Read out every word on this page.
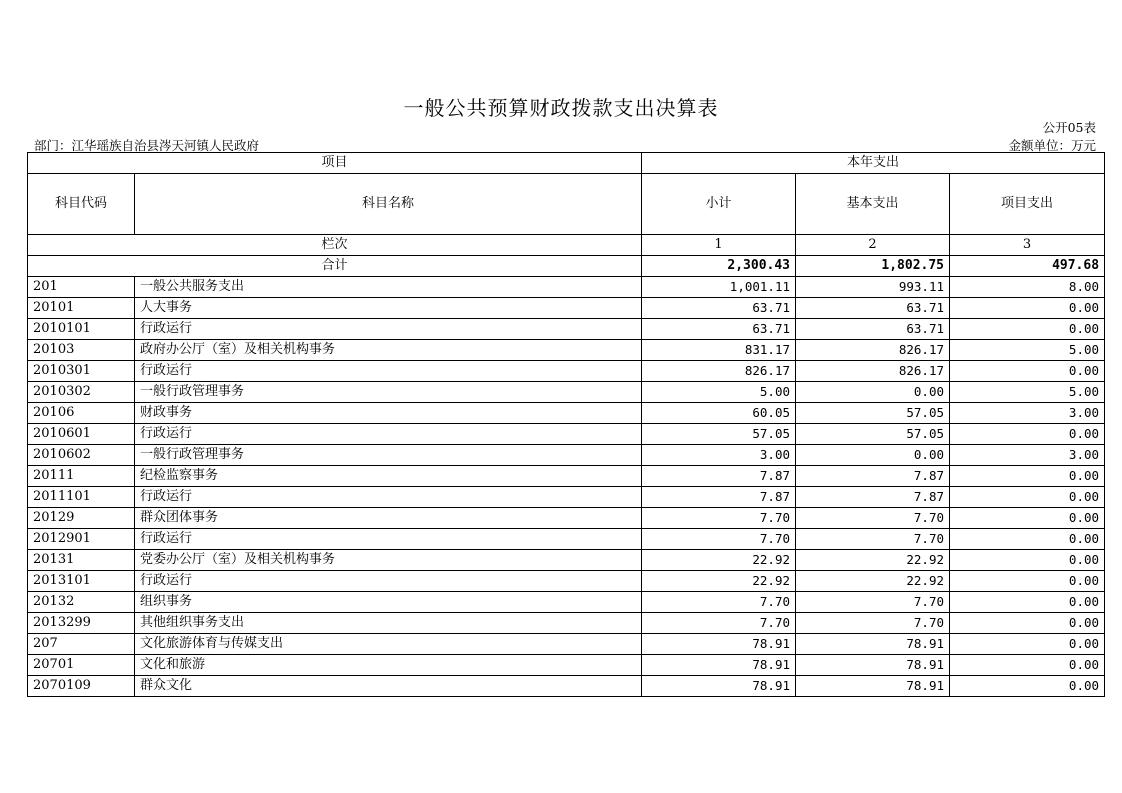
一般公共预算财政拨款支出决算表
公开05表
部门：江华瑶族自治县涔天河镇人民政府	金额单位：万元
项目		本年支出		
科目代码	科目名称	小计	基本支出	项目支出
栏次		1	2	3
合计		2,300.43	1,802.75	497.68
201	一般公共服务支出	1,001.11	993.11	8.00
20101	人大事务	63.71	63.71	0.00
2010101	行政运行	63.71	63.71	0.00
20103	政府办公厅（室）及相关机构事务	831.17	826.17	5.00
2010301	行政运行	826.17	826.17	0.00
2010302	一般行政管理事务	5.00	0.00	5.00
20106	财政事务	60.05	57.05	3.00
2010601	行政运行	57.05	57.05	0.00
2010602	一般行政管理事务	3.00	0.00	3.00
20111	纪检监察事务	7.87	7.87	0.00
2011101	行政运行	7.87	7.87	0.00
20129	群众团体事务	7.70	7.70	0.00
2012901	行政运行	7.70	7.70	0.00
20131	党委办公厅（室）及相关机构事务	22.92	22.92	0.00
2013101	行政运行	22.92	22.92	0.00
20132	组织事务	7.70	7.70	0.00
2013299	其他组织事务支出	7.70	7.70	0.00
207	文化旅游体育与传媒支出	78.91	78.91	0.00
20701	文化和旅游	78.91	78.91	0.00
2070109	群众文化	78.91	78.91	0.00
